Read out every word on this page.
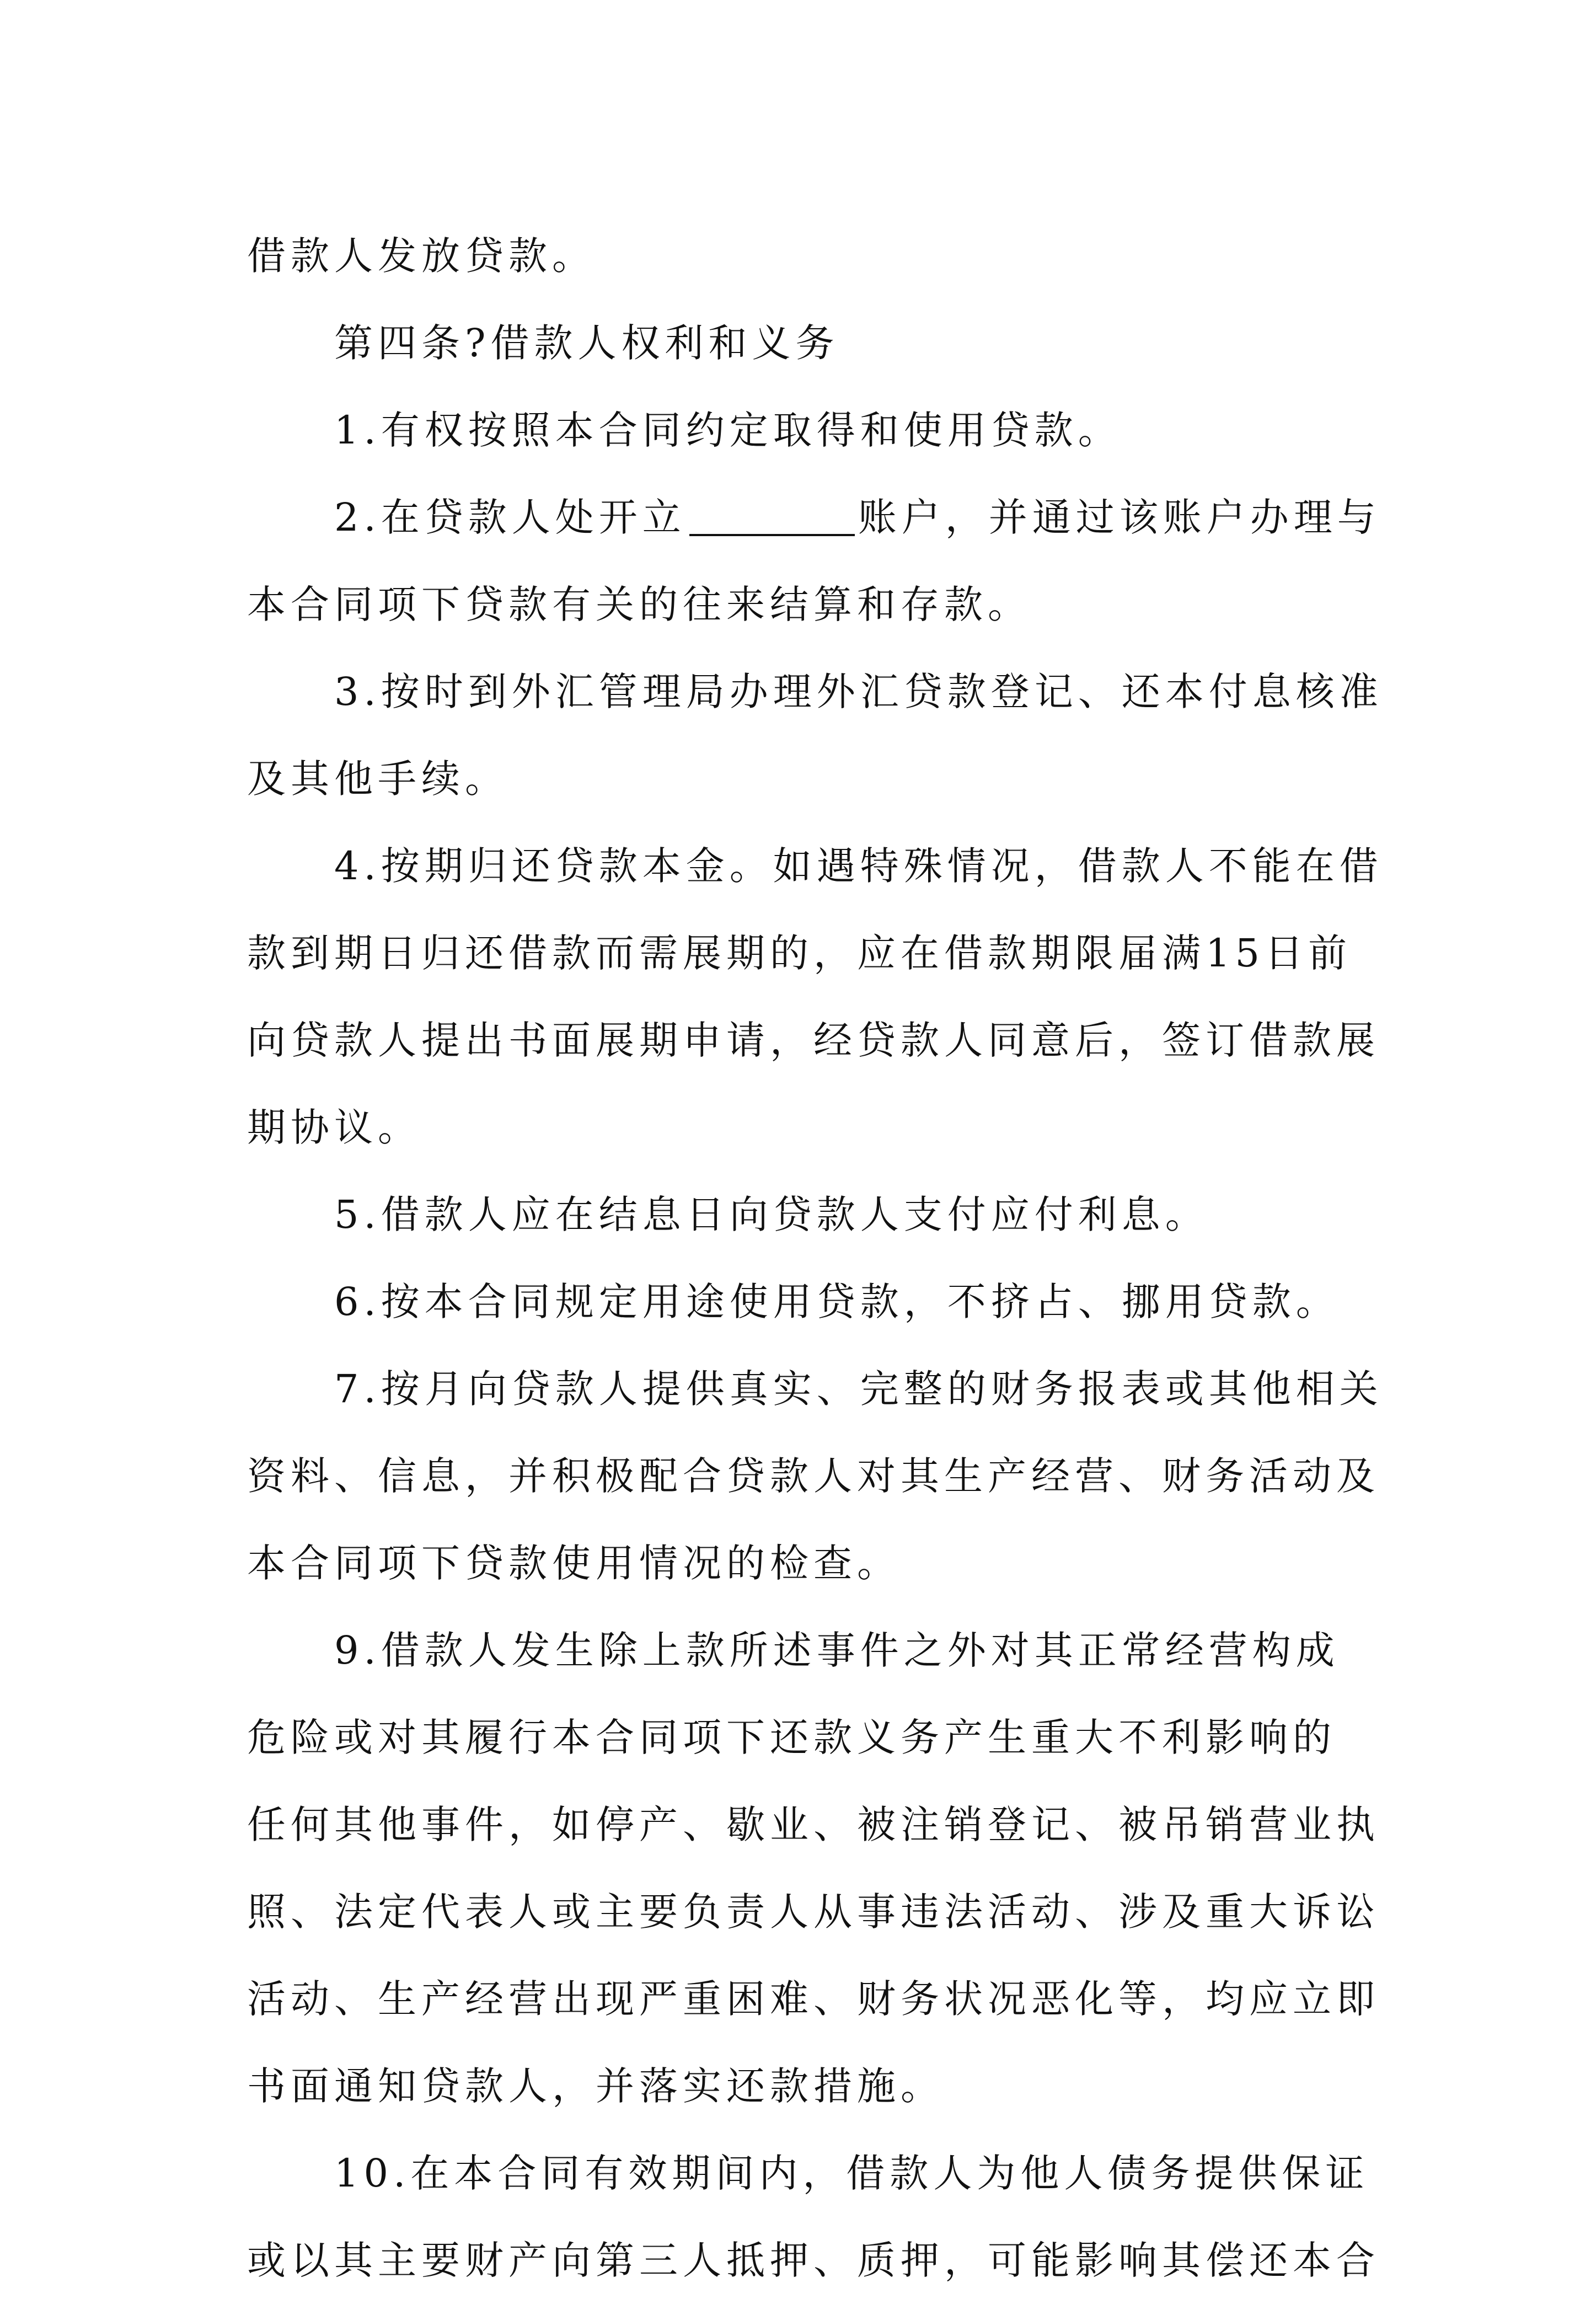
借款人发放贷款。
第四条?借款人权利和义务
1.有权按照本合同约定取得和使用贷款。
2.在贷款人处开立	账户，并通过该账户办理与
本合同项下贷款有关的往来结算和存款。
3.按时到外汇管理局办理外汇贷款登记、还本付息核准
及其他手续。
4.按期归还贷款本金。如遇特殊情况，借款人不能在借
款到期日归还借款而需展期的，应在借款期限届满15日前
向贷款人提出书面展期申请，经贷款人同意后，签订借款展
期协议。
5.借款人应在结息日向贷款人支付应付利息。
6.按本合同规定用途使用贷款，不挤占、挪用贷款。
7.按月向贷款人提供真实、完整的财务报表或其他相关
资料、信息，并积极配合贷款人对其生产经营、财务活动及
本合同项下贷款使用情况的检查。
9.借款人发生除上款所述事件之外对其正常经营构成
危险或对其履行本合同项下还款义务产生重大不利影响的
任何其他事件，如停产、歇业、被注销登记、被吊销营业执
照、法定代表人或主要负责人从事违法活动、涉及重大诉讼
活动、生产经营出现严重困难、财务状况恶化等，均应立即
书面通知贷款人，并落实还款措施。
10.在本合同有效期间内，借款人为他人债务提供保证
或以其主要财产向第三人抵押、质押，可能影响其偿还本合
